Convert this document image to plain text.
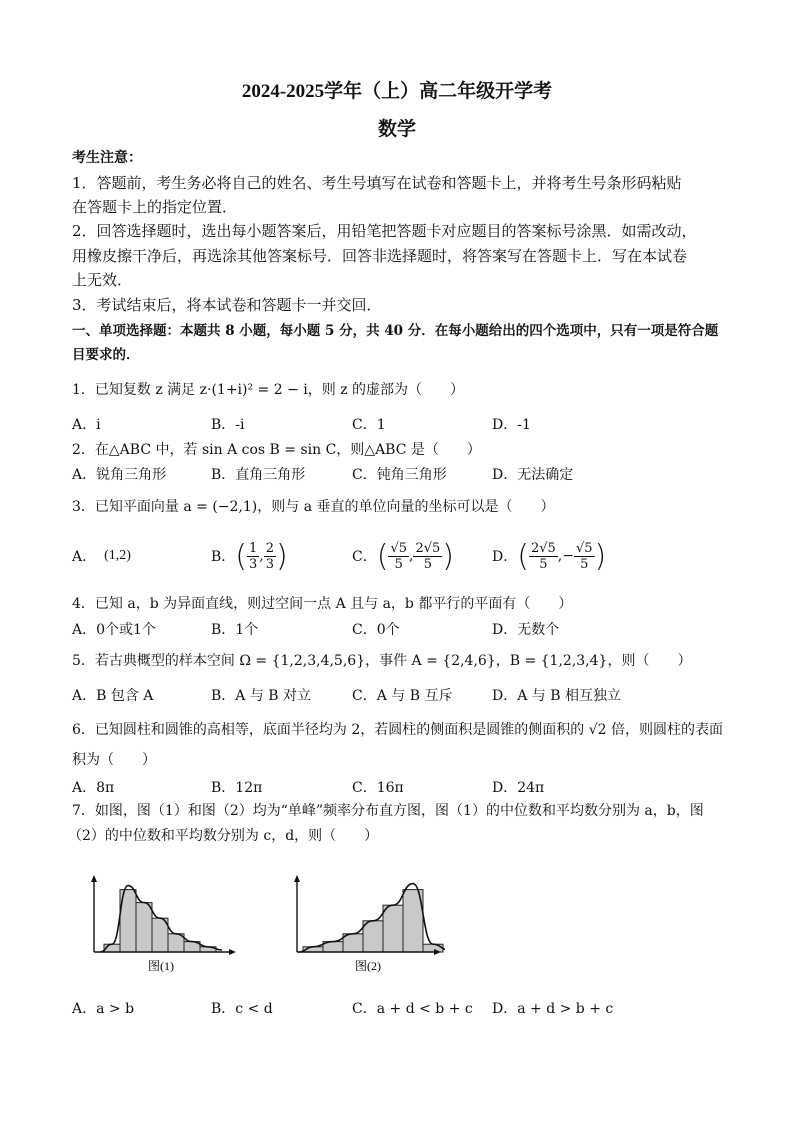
2024-2025学年（上）高二年级开学考
数学
考生注意：
1．答题前，考生务必将自己的姓名、考生号填写在试卷和答题卡上，并将考生号条形码粘贴
在答题卡上的指定位置．
2．回答选择题时，选出每小题答案后，用铅笔把答题卡对应题目的答案标号涂黑．如需改动，
用橡皮擦干净后，再选涂其他答案标号．回答非选择题时，将答案写在答题卡上．写在本试卷
上无效．
3．考试结束后，将本试卷和答题卡一并交回．
一、单项选择题：本题共 8 小题，每小题 5 分，共 40 分．在每小题给出的四个选项中，只有一项是符合题
目要求的．
1．已知复数 z 满足 z·(1+i)² = 2 − i，则 z 的虚部为（　　）
A．i	B．-i	C．1	D．-1
2．在△ABC 中，若 sin A cos B = sin C，则△ABC 是（　　）
A．锐角三角形	B．直角三角形	C．钝角三角形	D．无法确定
3．已知平面向量 a = (−2,1)，则与 a 垂直的单位向量的坐标可以是（　　）
A． (1,2)	B． ( $\frac{1}{3}$ , $\frac{2}{3}$ )	C． ( $\frac{√5}{5}$ , $\frac{2√5}{5}$ )	D． ( $\frac{2√5}{5}$ ,− $\frac{√5}{5}$ )
4．已知 a，b 为异面直线，则过空间一点 A 且与 a，b 都平行的平面有（　　）
A．0个或1个	B．1个	C．0个	D．无数个
5．若古典概型的样本空间 Ω = {1,2,3,4,5,6}，事件 A = {2,4,6}，B = {1,2,3,4}，则（　　）
A．B 包含 A	B．A 与 B 对立	C．A 与 B 互斥	D．A 与 B 相互独立
6．已知圆柱和圆锥的高相等，底面半径均为 2，若圆柱的侧面积是圆锥的侧面积的 √2 倍，则圆柱的表面
积为（　　）
A．8π	B．12π	C．16π	D．24π
7．如图，图（1）和图（2）均为“单峰”频率分布直方图，图（1）的中位数和平均数分别为 a，b，图
（2）的中位数和平均数分别为 c，d，则（　　）
图(1)	图(2)
A．a > b	B．c < d	C．a + d < b + c D．a + d > b + c
